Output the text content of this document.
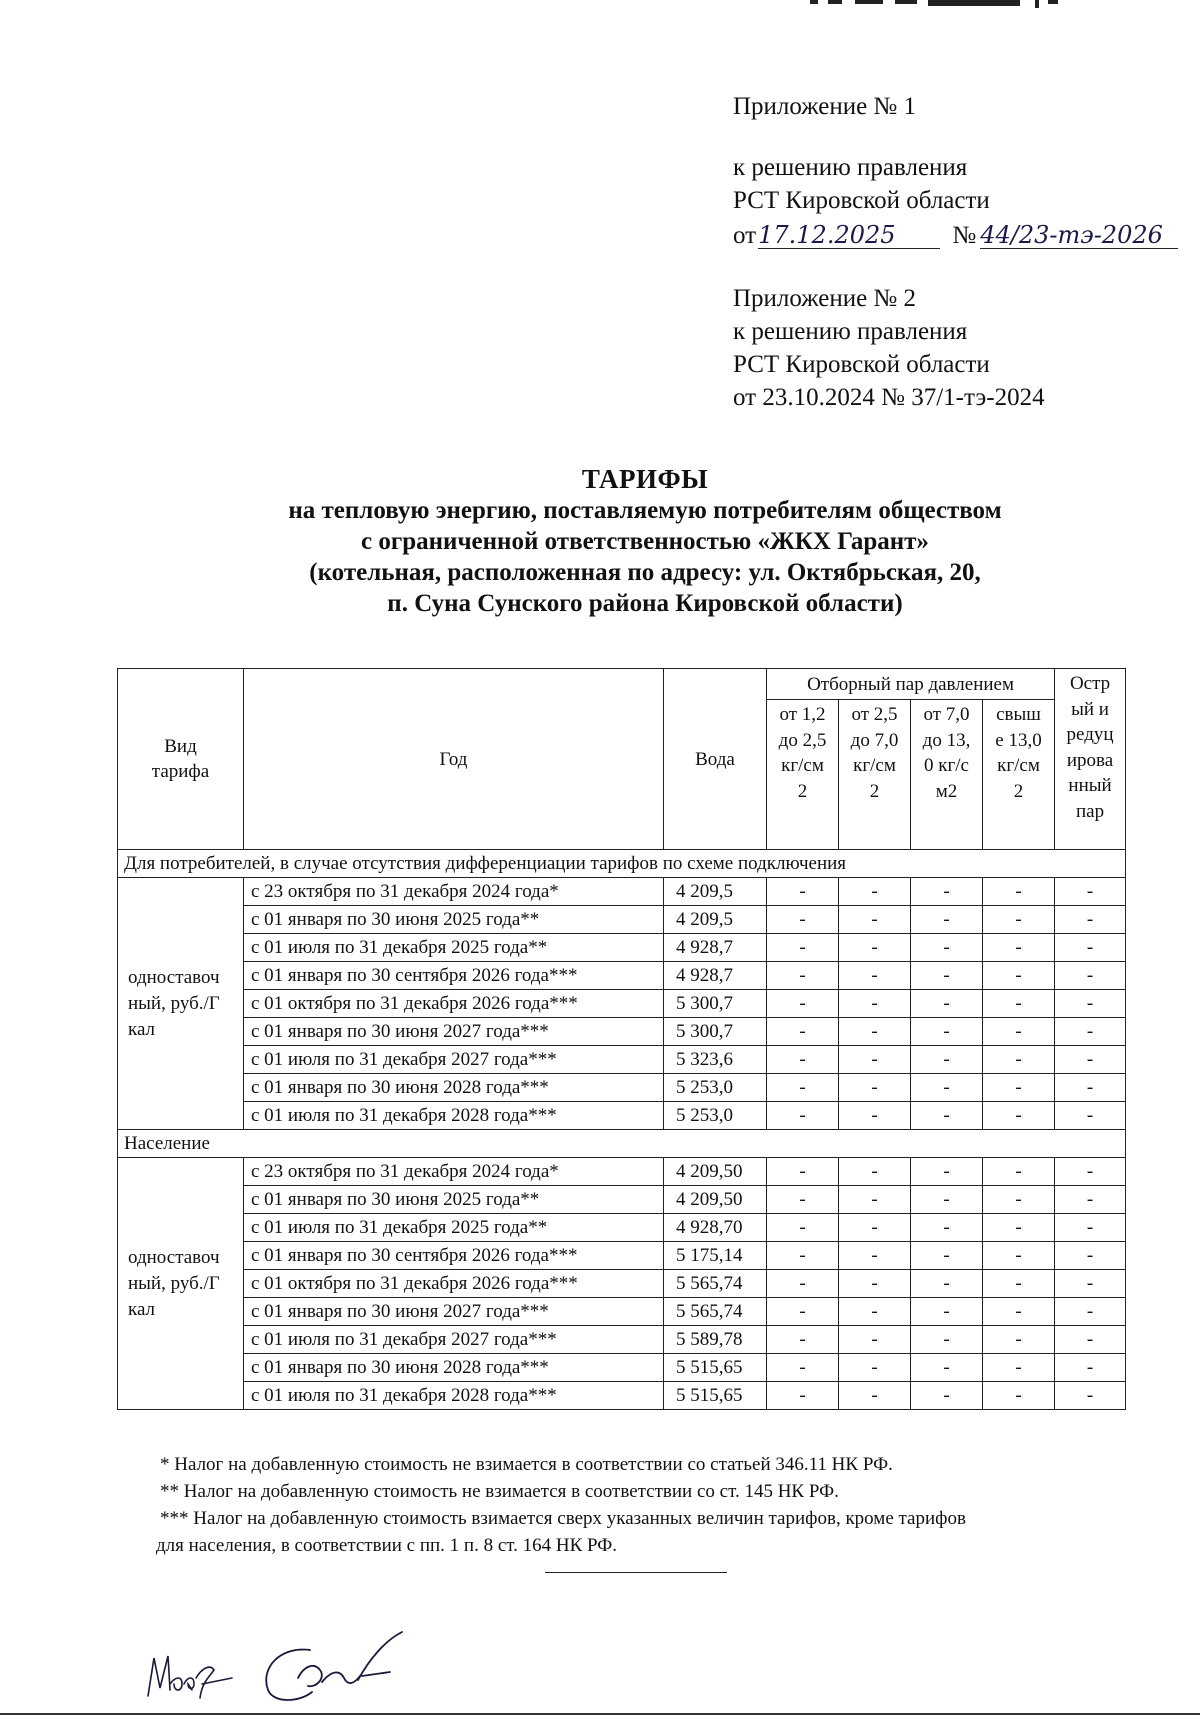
Приложение № 1
к решению правления
РСТ Кировской области
от17.12.2025 № 44/23-тэ-2026
Приложение № 2
к решению правления
РСТ Кировской области
от 23.10.2024 № 37/1-тэ-2024
ТАРИФЫ
на тепловую энергию, поставляемую потребителям обществом
с ограниченной ответственностью «ЖКХ Гарант»
(котельная, расположенная по адресу: ул. Октябрьская, 20,
п. Суна Сунского района Кировской области)
Вид тарифа	Год	Вода	Отборный пар давлением				Острый и редуцированный пар

			от 1,2 до 2,5 кг/см2	от 2,5 до 7,0 кг/см2	от 7,0 до 13,0 кг/см2	свыше 13,0 кг/см2	

Для потребителей, в случае отсутствия дифференциации тарифов по схеме подключения							

одноставочный, руб./Гкал	с 23 октября по 31 декабря 2024 года*	4 209,5	-	-	-	-	-
	с 01 января по 30 июня 2025 года**	4 209,5	-	-	-	-	-
	с 01 июля по 31 декабря 2025 года**	4 928,7	-	-	-	-	-
	с 01 января по 30 сентября 2026 года***	4 928,7	-	-	-	-	-
	с 01 октября по 31 декабря 2026 года***	5 300,7	-	-	-	-	-
	с 01 января по 30 июня 2027 года***	5 300,7	-	-	-	-	-
	с 01 июля по 31 декабря 2027 года***	5 323,6	-	-	-	-	-
	с 01 января по 30 июня 2028 года***	5 253,0	-	-	-	-	-
	с 01 июля по 31 декабря 2028 года***	5 253,0	-	-	-	-	-
Население							

одноставочный, руб./Гкал	с 23 октября по 31 декабря 2024 года*	4 209,50	-	-	-	-	-
	с 01 января по 30 июня 2025 года**	4 209,50	-	-	-	-	-
	с 01 июля по 31 декабря 2025 года**	4 928,70	-	-	-	-	-
	с 01 января по 30 сентября 2026 года***	5 175,14	-	-	-	-	-
	с 01 октября по 31 декабря 2026 года***	5 565,74	-	-	-	-	-
	с 01 января по 30 июня 2027 года***	5 565,74	-	-	-	-	-
	с 01 июля по 31 декабря 2027 года***	5 589,78	-	-	-	-	-
	с 01 января по 30 июня 2028 года***	5 515,65	-	-	-	-	-
	с 01 июля по 31 декабря 2028 года***	5 515,65	-	-	-	-	-
* Налог на добавленную стоимость не взимается в соответствии со статьей 346.11 НК РФ.
** Налог на добавленную стоимость не взимается в соответствии со ст. 145 НК РФ.
*** Налог на добавленную стоимость взимается сверх указанных величин тарифов, кроме тарифов
для населения, в соответствии с пп. 1 п. 8 ст. 164 НК РФ.
